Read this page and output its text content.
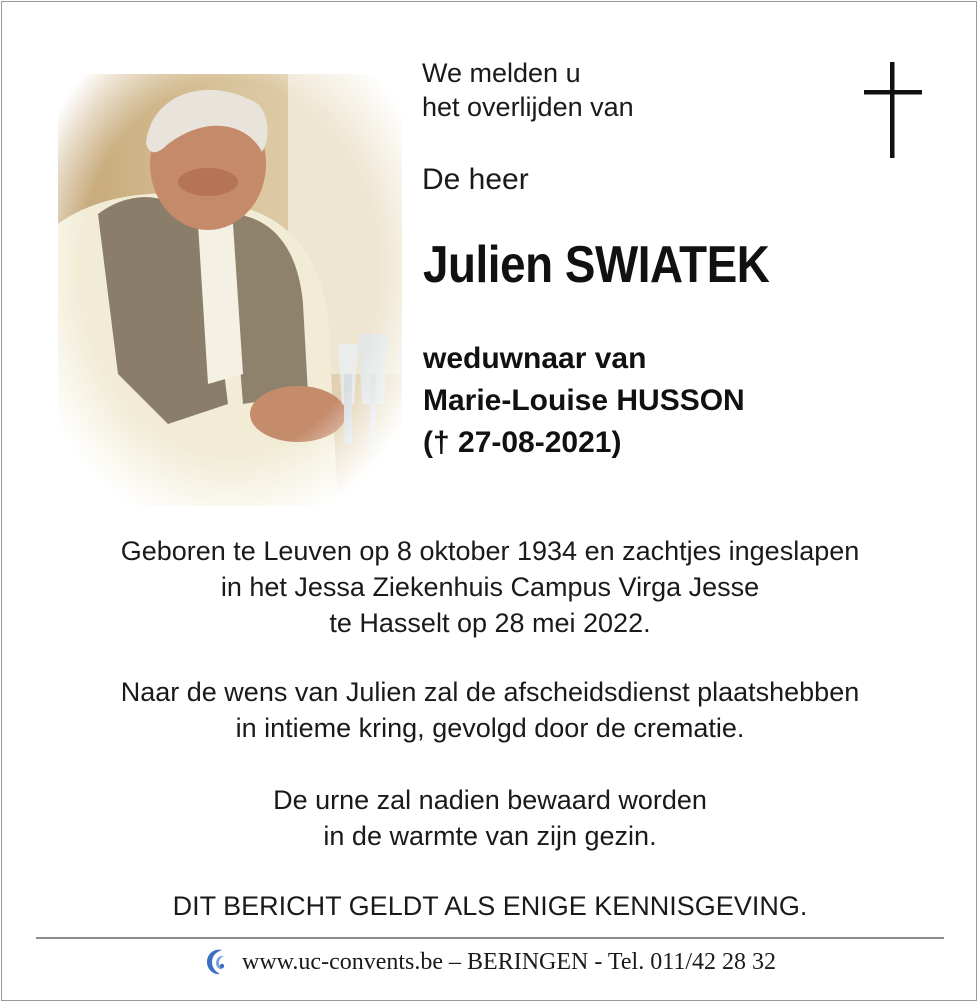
We melden u
het overlijden van
De heer
Julien SWIATEK
weduwnaar van
Marie-Louise HUSSON
(† 27-08-2021)
Geboren te Leuven op 8 oktober 1934 en zachtjes ingeslapen
in het Jessa Ziekenhuis Campus Virga Jesse
te Hasselt op 28 mei 2022.
Naar de wens van Julien zal de afscheidsdienst plaatshebben
in intieme kring, gevolgd door de crematie.
De urne zal nadien bewaard worden
in de warmte van zijn gezin.
DIT BERICHT GELDT ALS ENIGE KENNISGEVING.
www.uc-convents.be – BERINGEN - Tel. 011/42 28 32
